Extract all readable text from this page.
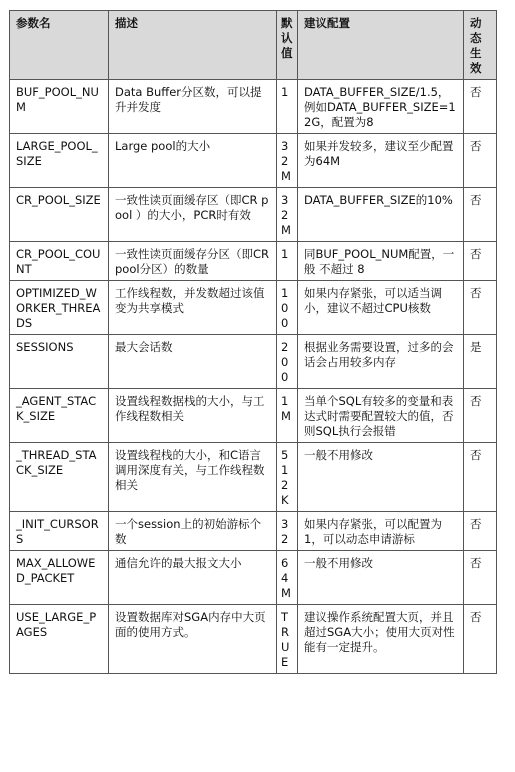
参数名	描述	默认值	建议配置	动态生效
BUF_POOL_NUM	Data Buffer分区数，可以提升并发度	1	DATA_BUFFER_SIZE/1.5，例如DATA_BUFFER_SIZE=12G，配置为8	否
LARGE_POOL_SIZE	Large pool的大小	32M	如果并发较多，建议至少配置为64M	否
CR_POOL_SIZE	一致性读页面缓存区（即CR pool ）的大小，PCR时有效	32M	DATA_BUFFER_SIZE的10%	否
CR_POOL_COUNT	一致性读页面缓存分区（即CR pool分区）的数量	1	同BUF_POOL_NUM配置，一般 不超过 8	否
OPTIMIZED_WORKER_THREADS	工作线程数，并发数超过该值变为共享模式	100	如果内存紧张，可以适当调小，建议不超过CPU核数	否
SESSIONS	最大会话数	200	根据业务需要设置，过多的会话会占用较多内存	是
_AGENT_STACK_SIZE	设置线程数据栈的大小，与工作线程数相关	1M	当单个SQL有较多的变量和表达式时需要配置较大的值，否则SQL执行会报错	否
_THREAD_STACK_SIZE	设置线程栈的大小，和C语言调用深度有关，与工作线程数相关	512K	一般不用修改	否
_INIT_CURSORS	一个session上的初始游标个数	32	如果内存紧张，可以配置为1，可以动态申请游标	否
MAX_ALLOWED_PACKET	通信允许的最大报文大小	64M	一般不用修改	否
USE_LARGE_PAGES	设置数据库对SGA内存中大页面的使用方式。	TRUE	建议操作系统配置大页，并且超过SGA大小；使用大页对性能有一定提升。	否
